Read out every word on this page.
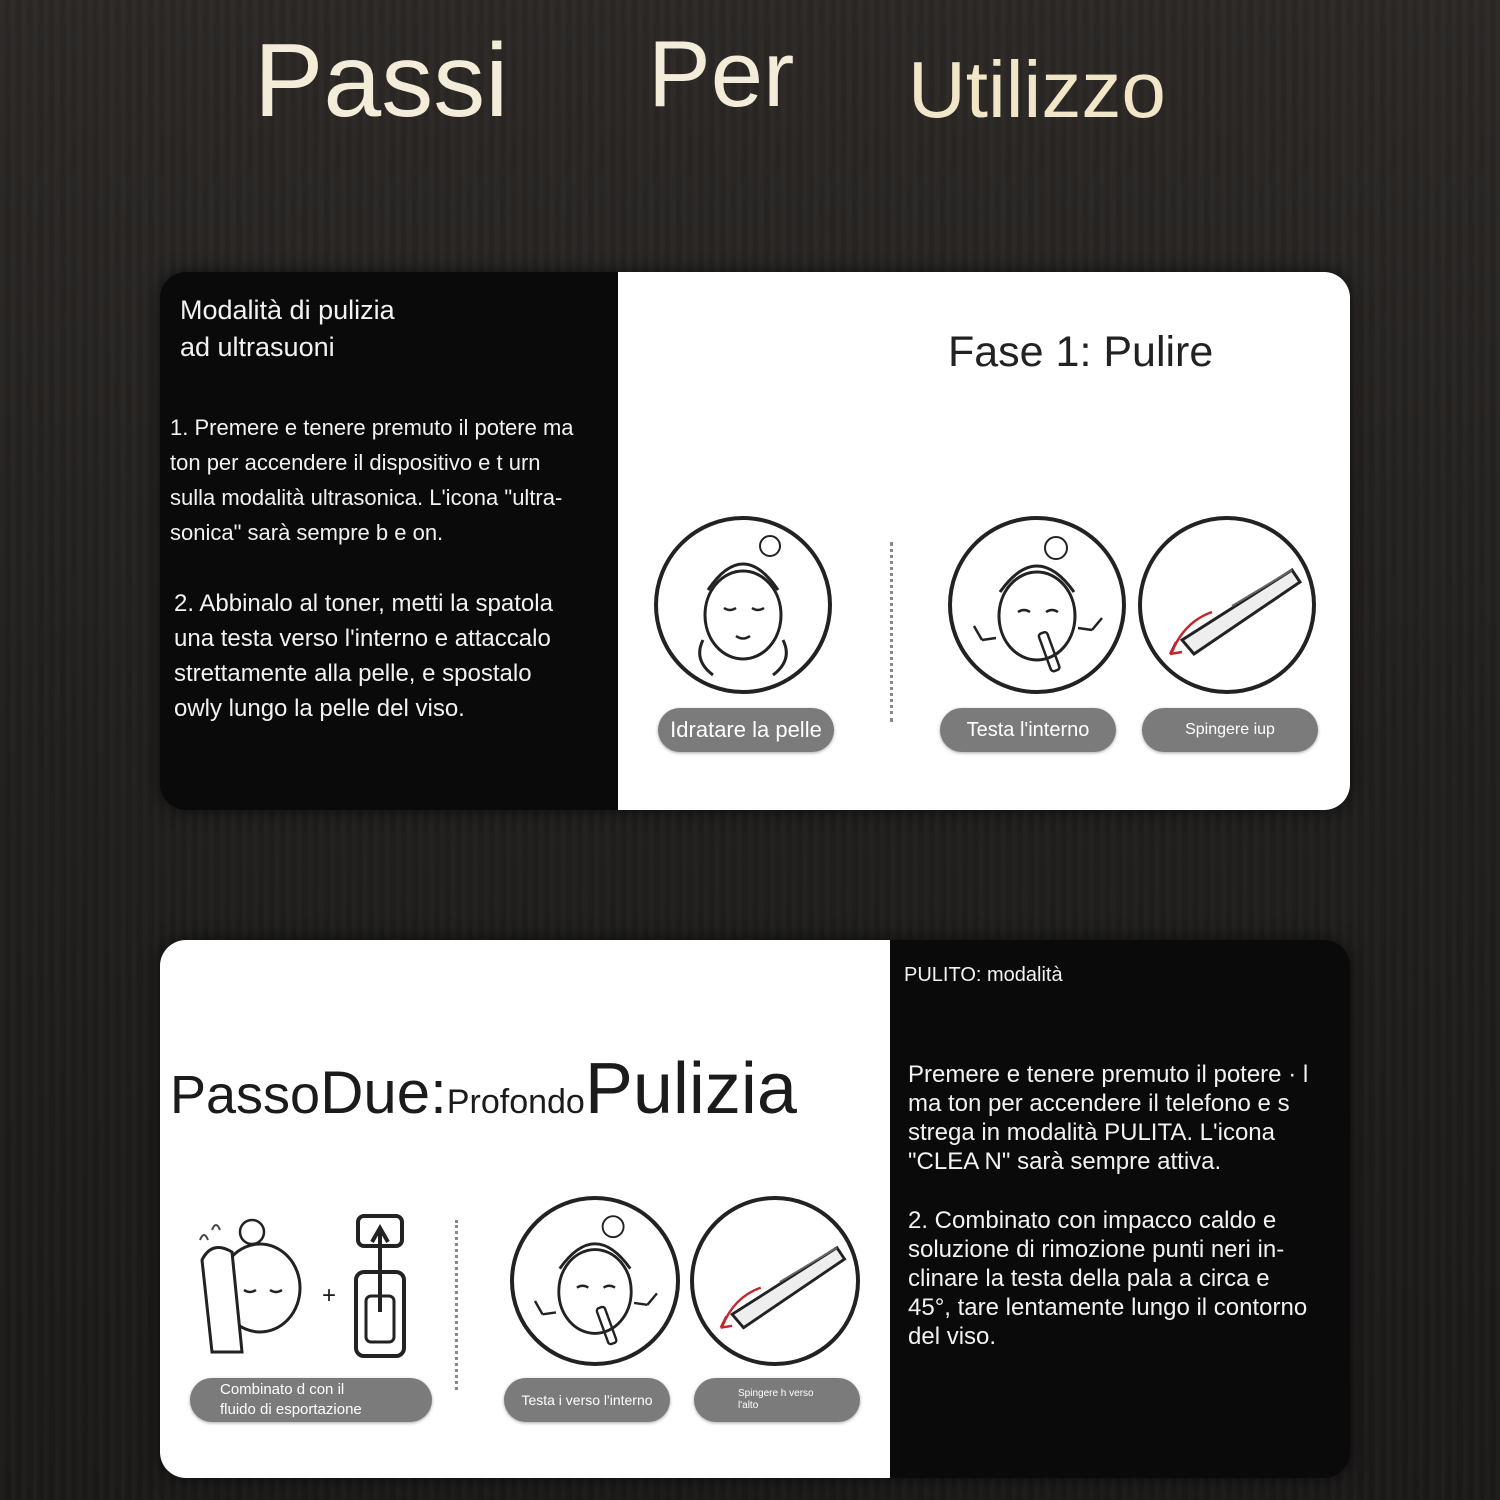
Passi Per Utilizzo
Modalità di pulizia
ad ultrasuoni
1. Premere e tenere premuto il potere ma
ton per accendere il dispositivo e t urn
sulla modalità ultrasonica. L'icona "ultra-
sonica" sarà sempre b e on.
2. Abbinalo al toner, metti la spatola
una testa verso l'interno e attaccalo
strettamente alla pelle, e spostalo
owly lungo la pelle del viso.
Fase 1: Pulire
Idratare la pelle	Testa l'interno	Spingere iup
PassoDue:ProfondoPulizia
+
Combinato d con il
fluido di esportazione
Testa i verso l'interno	Spingere h verso
l'alto
PULITO: modalità
Premere e tenere premuto il potere · l
ma ton per accendere il telefono e s
strega in modalità PULITA. L'icona
"CLEA N" sarà sempre attiva.
2. Combinato con impacco caldo e
soluzione di rimozione punti neri in-
clinare la testa della pala a circa e
45°, tare lentamente lungo il contorno
del viso.
